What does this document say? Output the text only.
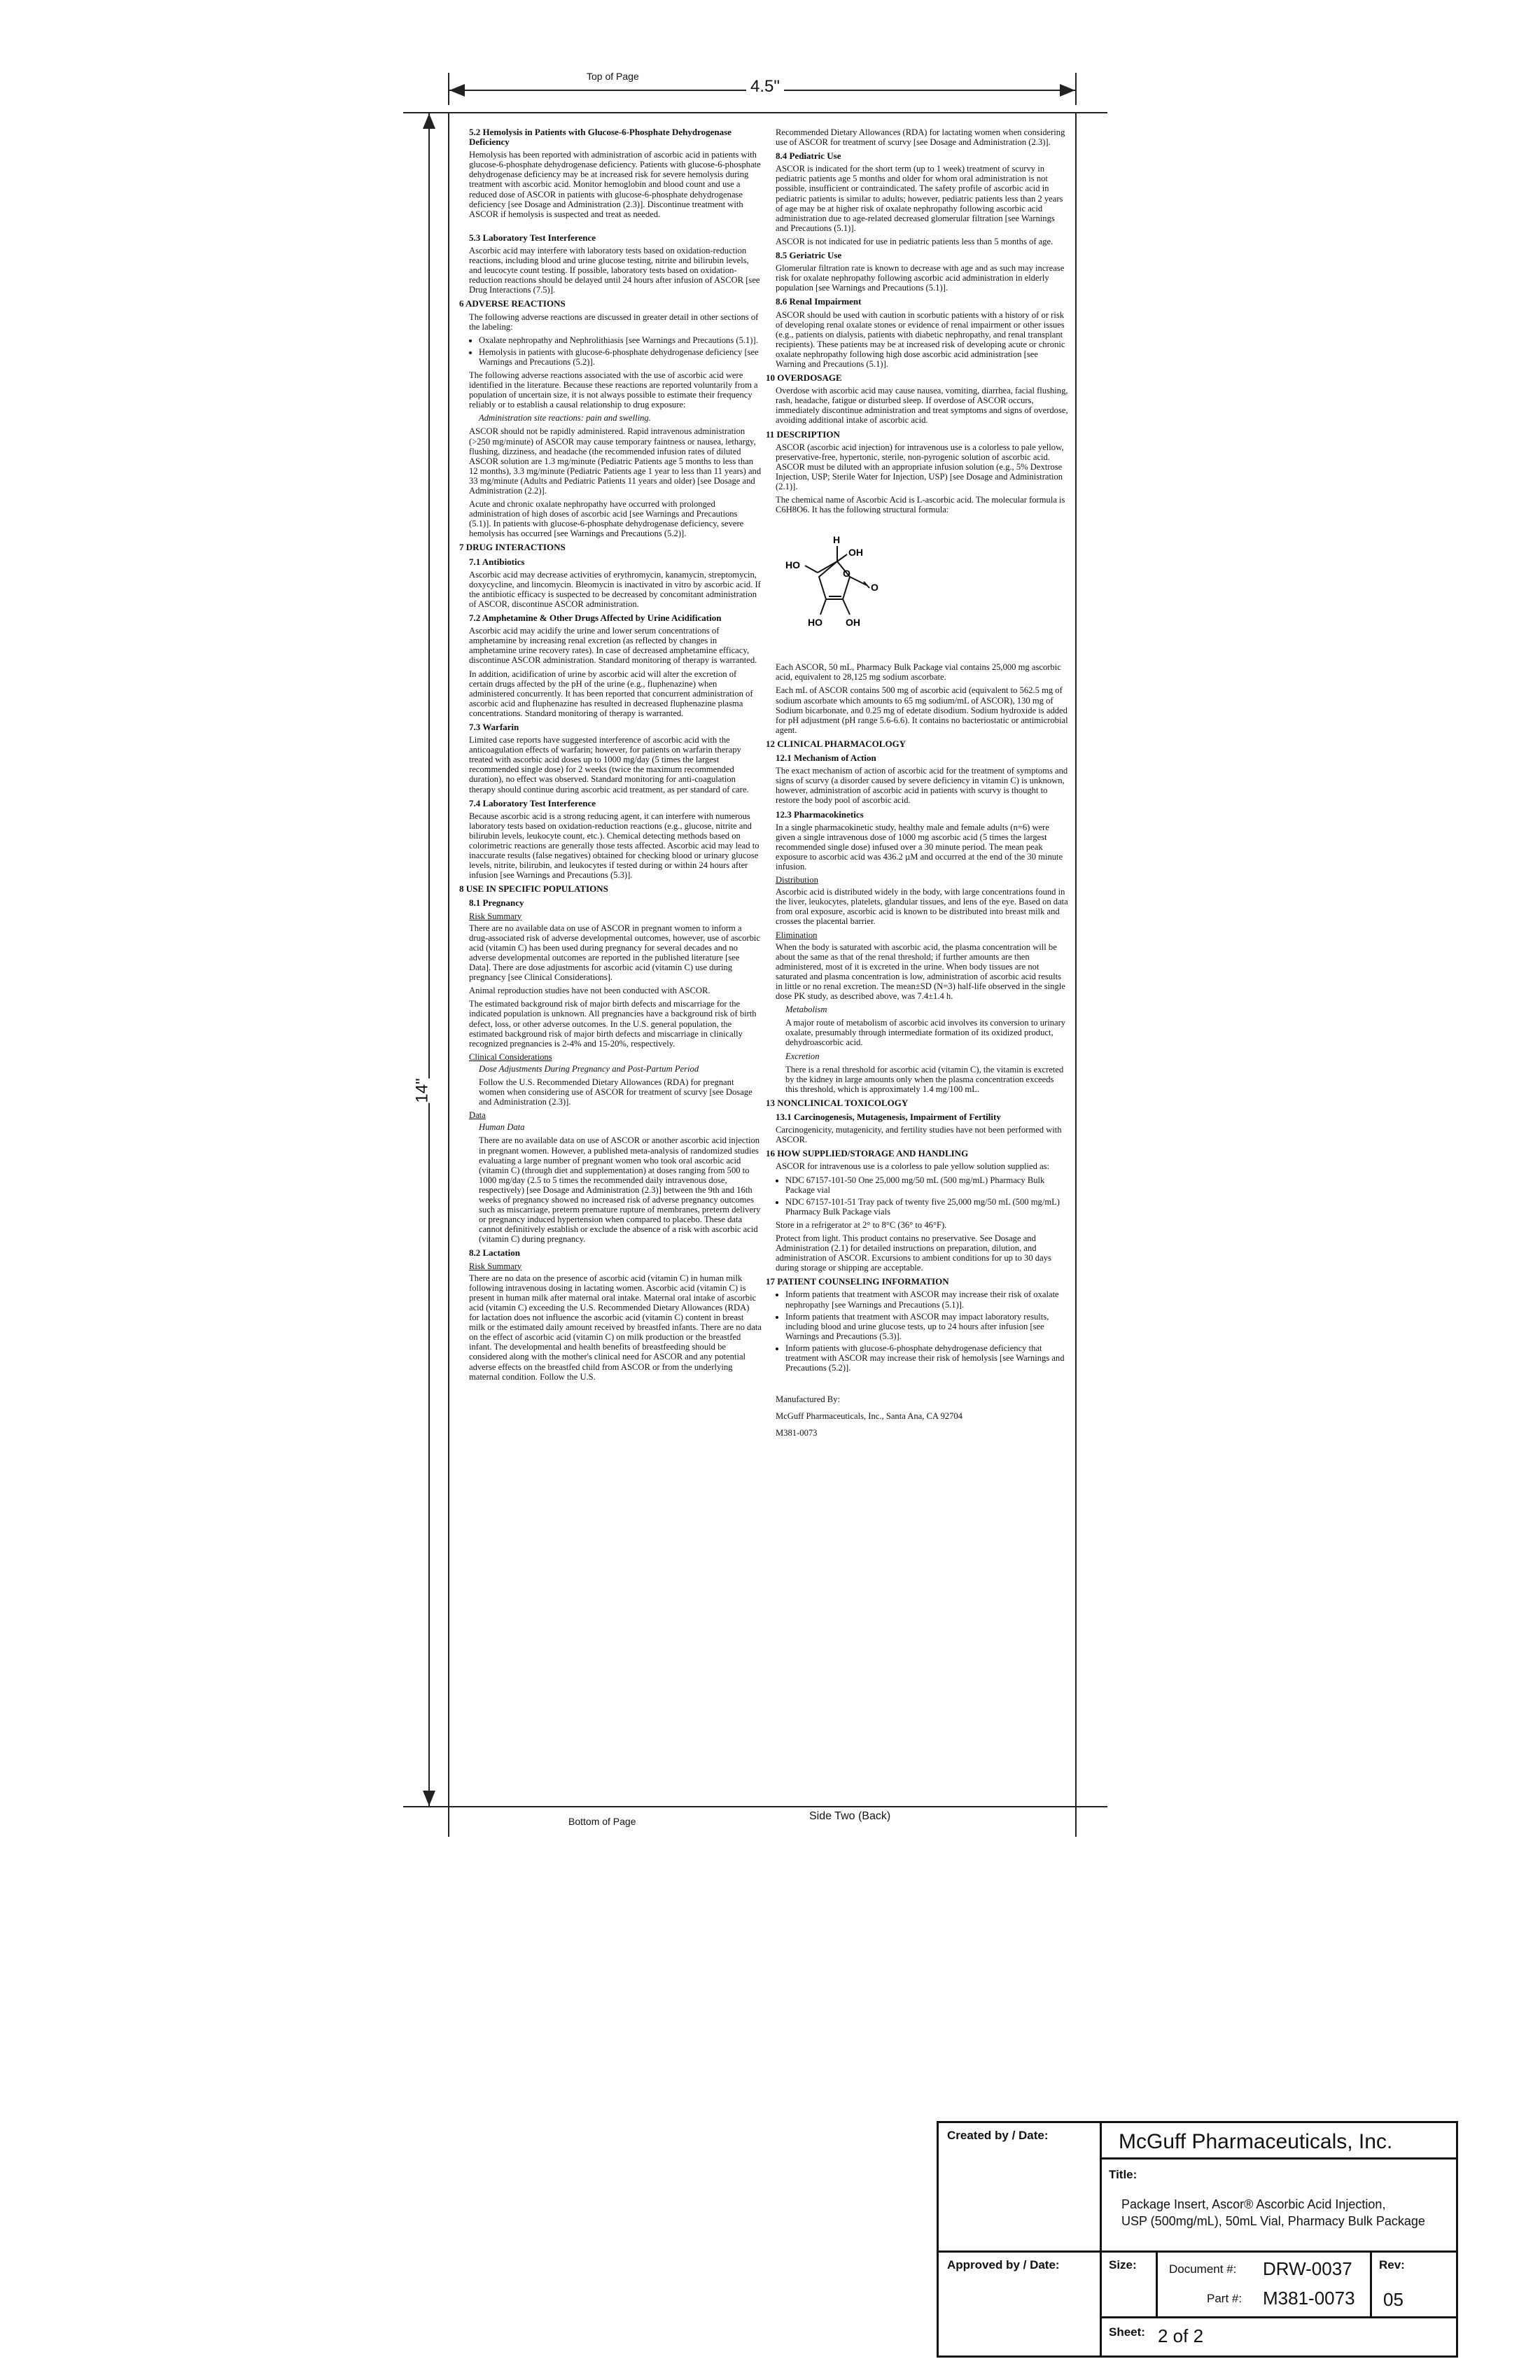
Top of Page
4.5"
14"
Bottom of Page	Side Two (Back)

5.2 Hemolysis in Patients with Glucose-6-Phosphate Dehydrogenase Deficiency

Hemolysis has been reported with administration of ascorbic acid in patients with glucose-6-phosphate dehydrogenase deficiency. Patients with glucose-6-phosphate dehydrogenase deficiency may be at increased risk for severe hemolysis during treatment with ascorbic acid. Monitor hemoglobin and blood count and use a reduced dose of ASCOR in patients with glucose-6-phosphate dehydrogenase deficiency [see Dosage and Administration (2.3)]. Discontinue treatment with ASCOR if hemolysis is suspected and treat as needed.

5.3 Laboratory Test Interference

Ascorbic acid may interfere with laboratory tests based on oxidation-reduction reactions, including blood and urine glucose testing, nitrite and bilirubin levels, and leucocyte count testing. If possible, laboratory tests based on oxidation-reduction reactions should be delayed until 24 hours after infusion of ASCOR [see Drug Interactions (7.5)].

6 ADVERSE REACTIONS

The following adverse reactions are discussed in greater detail in other sections of the labeling:

• Oxalate nephropathy and Nephrolithiasis [see Warnings and Precautions (5.1)].
• Hemolysis in patients with glucose-6-phosphate dehydrogenase deficiency [see Warnings and Precautions (5.2)].

The following adverse reactions associated with the use of ascorbic acid were identified in the literature. Because these reactions are reported voluntarily from a population of uncertain size, it is not always possible to estimate their frequency reliably or to establish a causal relationship to drug exposure:

Administration site reactions: pain and swelling.

ASCOR should not be rapidly administered. Rapid intravenous administration (>250 mg/minute) of ASCOR may cause temporary faintness or nausea, lethargy, flushing, dizziness, and headache (the recommended infusion rates of diluted ASCOR solution are 1.3 mg/minute (Pediatric Patients age 5 months to less than 12 months), 3.3 mg/minute (Pediatric Patients age 1 year to less than 11 years) and 33 mg/minute (Adults and Pediatric Patients 11 years and older) [see Dosage and Administration (2.2)].

Acute and chronic oxalate nephropathy have occurred with prolonged administration of high doses of ascorbic acid [see Warnings and Precautions (5.1)]. In patients with glucose-6-phosphate dehydrogenase deficiency, severe hemolysis has occurred [see Warnings and Precautions (5.2)].

7 DRUG INTERACTIONS

7.1 Antibiotics

Ascorbic acid may decrease activities of erythromycin, kanamycin, streptomycin, doxycycline, and lincomycin. Bleomycin is inactivated in vitro by ascorbic acid. If the antibiotic efficacy is suspected to be decreased by concomitant administration of ASCOR, discontinue ASCOR administration.

7.2 Amphetamine & Other Drugs Affected by Urine Acidification

Ascorbic acid may acidify the urine and lower serum concentrations of amphetamine by increasing renal excretion (as reflected by changes in amphetamine urine recovery rates). In case of decreased amphetamine efficacy, discontinue ASCOR administration. Standard monitoring of therapy is warranted.

In addition, acidification of urine by ascorbic acid will alter the excretion of certain drugs affected by the pH of the urine (e.g., fluphenazine) when administered concurrently. It has been reported that concurrent administration of ascorbic acid and fluphenazine has resulted in decreased fluphenazine plasma concentrations. Standard monitoring of therapy is warranted.

7.3 Warfarin

Limited case reports have suggested interference of ascorbic acid with the anticoagulation effects of warfarin; however, for patients on warfarin therapy treated with ascorbic acid doses up to 1000 mg/day (5 times the largest recommended single dose) for 2 weeks (twice the maximum recommended duration), no effect was observed. Standard monitoring for anti-coagulation therapy should continue during ascorbic acid treatment, as per standard of care.

7.4 Laboratory Test Interference

Because ascorbic acid is a strong reducing agent, it can interfere with numerous laboratory tests based on oxidation-reduction reactions (e.g., glucose, nitrite and bilirubin levels, leukocyte count, etc.). Chemical detecting methods based on colorimetric reactions are generally those tests affected. Ascorbic acid may lead to inaccurate results (false negatives) obtained for checking blood or urinary glucose levels, nitrite, bilirubin, and leukocytes if tested during or within 24 hours after infusion [see Warnings and Precautions (5.3)].

8 USE IN SPECIFIC POPULATIONS

8.1 Pregnancy

Risk Summary

There are no available data on use of ASCOR in pregnant women to inform a drug-associated risk of adverse developmental outcomes, however, use of ascorbic acid (vitamin C) has been used during pregnancy for several decades and no adverse developmental outcomes are reported in the published literature [see Data]. There are dose adjustments for ascorbic acid (vitamin C) use during pregnancy [see Clinical Considerations].

Animal reproduction studies have not been conducted with ASCOR.

The estimated background risk of major birth defects and miscarriage for the indicated population is unknown. All pregnancies have a background risk of birth defect, loss, or other adverse outcomes. In the U.S. general population, the estimated background risk of major birth defects and miscarriage in clinically recognized pregnancies is 2-4% and 15-20%, respectively.

Clinical Considerations

Dose Adjustments During Pregnancy and Post-Partum Period

Follow the U.S. Recommended Dietary Allowances (RDA) for pregnant women when considering use of ASCOR for treatment of scurvy [see Dosage and Administration (2.3)].

Data

Human Data

There are no available data on use of ASCOR or another ascorbic acid injection in pregnant women. However, a published meta-analysis of randomized studies evaluating a large number of pregnant women who took oral ascorbic acid (vitamin C) (through diet and supplementation) at doses ranging from 500 to 1000 mg/day (2.5 to 5 times the recommended daily intravenous dose, respectively) [see Dosage and Administration (2.3)] between the 9th and 16th weeks of pregnancy showed no increased risk of adverse pregnancy outcomes such as miscarriage, preterm premature rupture of membranes, preterm delivery or pregnancy induced hypertension when compared to placebo. These data cannot definitively establish or exclude the absence of a risk with ascorbic acid (vitamin C) during pregnancy.

8.2 Lactation

Risk Summary

There are no data on the presence of ascorbic acid (vitamin C) in human milk following intravenous dosing in lactating women. Ascorbic acid (vitamin C) is present in human milk after maternal oral intake. Maternal oral intake of ascorbic acid (vitamin C) exceeding the U.S. Recommended Dietary Allowances (RDA) for lactation does not influence the ascorbic acid (vitamin C) content in breast milk or the estimated daily amount received by breastfed infants. There are no data on the effect of ascorbic acid (vitamin C) on milk production or the breastfed infant. The developmental and health benefits of breastfeeding should be considered along with the mother's clinical need for ASCOR and any potential adverse effects on the breastfed child from ASCOR or from the underlying maternal condition. Follow the U.S.

Recommended Dietary Allowances (RDA) for lactating women when considering use of ASCOR for treatment of scurvy [see Dosage and Administration (2.3)].

8.4 Pediatric Use

ASCOR is indicated for the short term (up to 1 week) treatment of scurvy in pediatric patients age 5 months and older for whom oral administration is not possible, insufficient or contraindicated. The safety profile of ascorbic acid in pediatric patients is similar to adults; however, pediatric patients less than 2 years of age may be at higher risk of oxalate nephropathy following ascorbic acid administration due to age-related decreased glomerular filtration [see Warnings and Precautions (5.1)].

ASCOR is not indicated for use in pediatric patients less than 5 months of age.

8.5 Geriatric Use

Glomerular filtration rate is known to decrease with age and as such may increase risk for oxalate nephropathy following ascorbic acid administration in elderly population [see Warnings and Precautions (5.1)].

8.6 Renal Impairment

ASCOR should be used with caution in scorbutic patients with a history of or risk of developing renal oxalate stones or evidence of renal impairment or other issues (e.g., patients on dialysis, patients with diabetic nephropathy, and renal transplant recipients). These patients may be at increased risk of developing acute or chronic oxalate nephropathy following high dose ascorbic acid administration [see Warning and Precautions (5.1)].

10 OVERDOSAGE

Overdose with ascorbic acid may cause nausea, vomiting, diarrhea, facial flushing, rash, headache, fatigue or disturbed sleep. If overdose of ASCOR occurs, immediately discontinue administration and treat symptoms and signs of overdose, avoiding additional intake of ascorbic acid.

11 DESCRIPTION

ASCOR (ascorbic acid injection) for intravenous use is a colorless to pale yellow, preservative-free, hypertonic, sterile, non-pyrogenic solution of ascorbic acid. ASCOR must be diluted with an appropriate infusion solution (e.g., 5% Dextrose Injection, USP; Sterile Water for Injection, USP) [see Dosage and Administration (2.1)].

The chemical name of Ascorbic Acid is L-ascorbic acid. The molecular formula is C6H8O6. It has the following structural formula:

H
OH
HO
O
O
HO OH

Each ASCOR, 50 mL, Pharmacy Bulk Package vial contains 25,000 mg ascorbic acid, equivalent to 28,125 mg sodium ascorbate.

Each mL of ASCOR contains 500 mg of ascorbic acid (equivalent to 562.5 mg of sodium ascorbate which amounts to 65 mg sodium/mL of ASCOR), 130 mg of Sodium bicarbonate, and 0.25 mg of edetate disodium. Sodium hydroxide is added for pH adjustment (pH range 5.6-6.6). It contains no bacteriostatic or antimicrobial agent.

12 CLINICAL PHARMACOLOGY

12.1 Mechanism of Action

The exact mechanism of action of ascorbic acid for the treatment of symptoms and signs of scurvy (a disorder caused by severe deficiency in vitamin C) is unknown, however, administration of ascorbic acid in patients with scurvy is thought to restore the body pool of ascorbic acid.

12.3 Pharmacokinetics

In a single pharmacokinetic study, healthy male and female adults (n=6) were given a single intravenous dose of 1000 mg ascorbic acid (5 times the largest recommended single dose) infused over a 30 minute period. The mean peak exposure to ascorbic acid was 436.2 µM and occurred at the end of the 30 minute infusion.

Distribution

Ascorbic acid is distributed widely in the body, with large concentrations found in the liver, leukocytes, platelets, glandular tissues, and lens of the eye. Based on data from oral exposure, ascorbic acid is known to be distributed into breast milk and crosses the placental barrier.

Elimination

When the body is saturated with ascorbic acid, the plasma concentration will be about the same as that of the renal threshold; if further amounts are then administered, most of it is excreted in the urine. When body tissues are not saturated and plasma concentration is low, administration of ascorbic acid results in little or no renal excretion. The mean±SD (N=3) half-life observed in the single dose PK study, as described above, was 7.4±1.4 h.

Metabolism

A major route of metabolism of ascorbic acid involves its conversion to urinary oxalate, presumably through intermediate formation of its oxidized product, dehydroascorbic acid.

Excretion

There is a renal threshold for ascorbic acid (vitamin C), the vitamin is excreted by the kidney in large amounts only when the plasma concentration exceeds this threshold, which is approximately 1.4 mg/100 mL.

13 NONCLINICAL TOXICOLOGY

13.1 Carcinogenesis, Mutagenesis, Impairment of Fertility

Carcinogenicity, mutagenicity, and fertility studies have not been performed with ASCOR.

16 HOW SUPPLIED/STORAGE AND HANDLING

ASCOR for intravenous use is a colorless to pale yellow solution supplied as:

• NDC 67157-101-50 One 25,000 mg/50 mL (500 mg/mL) Pharmacy Bulk Package vial
• NDC 67157-101-51 Tray pack of twenty five 25,000 mg/50 mL (500 mg/mL) Pharmacy Bulk Package vials

Store in a refrigerator at 2° to 8°C (36° to 46°F).

Protect from light. This product contains no preservative. See Dosage and Administration (2.1) for detailed instructions on preparation, dilution, and administration of ASCOR. Excursions to ambient conditions for up to 30 days during storage or shipping are acceptable.

17 PATIENT COUNSELING INFORMATION

• Inform patients that treatment with ASCOR may increase their risk of oxalate nephropathy [see Warnings and Precautions (5.1)].
• Inform patients that treatment with ASCOR may impact laboratory results, including blood and urine glucose tests, up to 24 hours after infusion [see Warnings and Precautions (5.3)].
• Inform patients with glucose-6-phosphate dehydrogenase deficiency that treatment with ASCOR may increase their risk of hemolysis [see Warnings and Precautions (5.2)].

Manufactured By:

McGuff Pharmaceuticals, Inc., Santa Ana, CA 92704

M381-0073

Created by / Date:
Approved by / Date:
McGuff Pharmaceuticals, Inc.
Title:
Package Insert, Ascor® Ascorbic Acid Injection,
USP (500mg/mL), 50mL Vial, Pharmacy Bulk Package
Size:	Document #: DRW-0037
Part #: M381-0073
Rev:
05
Sheet: 2 of 2
